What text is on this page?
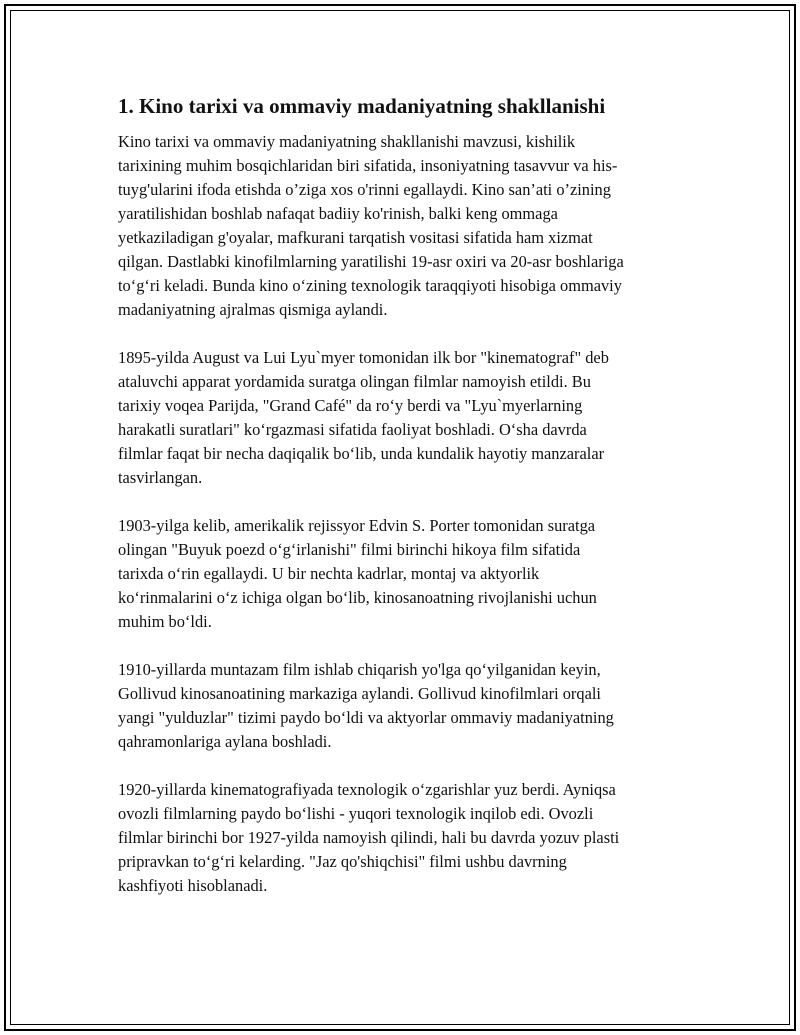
1. Kino tarixi va ommaviy madaniyatning shakllanishi
Kino tarixi va ommaviy madaniyatning shakllanishi mavzusi, kishilik
tarixining muhim bosqichlaridan biri sifatida, insoniyatning tasavvur va his-
tuyg'ularini ifoda etishda o’ziga xos o'rinni egallaydi. Kino san’ati o’zining
yaratilishidan boshlab nafaqat badiiy ko'rinish, balki keng ommaga
yetkaziladigan g'oyalar, mafkurani tarqatish vositasi sifatida ham xizmat
qilgan. Dastlabki kinofilmlarning yaratilishi 19-asr oxiri va 20-asr boshlariga
to‘g‘ri keladi. Bunda kino o‘zining texnologik taraqqiyoti hisobiga ommaviy
madaniyatning ajralmas qismiga aylandi.
1895-yilda August va Lui Lyu`myer tomonidan ilk bor "kinematograf" deb
ataluvchi apparat yordamida suratga olingan filmlar namoyish etildi. Bu
tarixiy voqea Parijda, "Grand Café" da ro‘y berdi va "Lyu`myerlarning
harakatli suratlari" ko‘rgazmasi sifatida faoliyat boshladi. O‘sha davrda
filmlar faqat bir necha daqiqalik bo‘lib, unda kundalik hayotiy manzaralar
tasvirlangan.
1903-yilga kelib, amerikalik rejissyor Edvin S. Porter tomonidan suratga
olingan "Buyuk poezd o‘g‘irlanishi" filmi birinchi hikoya film sifatida
tarixda o‘rin egallaydi. U bir nechta kadrlar, montaj va aktyorlik
ko‘rinmalarini o‘z ichiga olgan bo‘lib, kinosanoatning rivojlanishi uchun
muhim bo‘ldi.
1910-yillarda muntazam film ishlab chiqarish yo'lga qo‘yilganidan keyin,
Gollivud kinosanoatining markaziga aylandi. Gollivud kinofilmlari orqali
yangi "yulduzlar" tizimi paydo bo‘ldi va aktyorlar ommaviy madaniyatning
qahramonlariga aylana boshladi.
1920-yillarda kinematografiyada texnologik o‘zgarishlar yuz berdi. Ayniqsa
ovozli filmlarning paydo bo‘lishi - yuqori texnologik inqilob edi. Ovozli
filmlar birinchi bor 1927-yilda namoyish qilindi, hali bu davrda yozuv plasti
pripravkan to‘g‘ri kelarding. "Jaz qo'shiqchisi" filmi ushbu davrning
kashfiyoti hisoblanadi.
